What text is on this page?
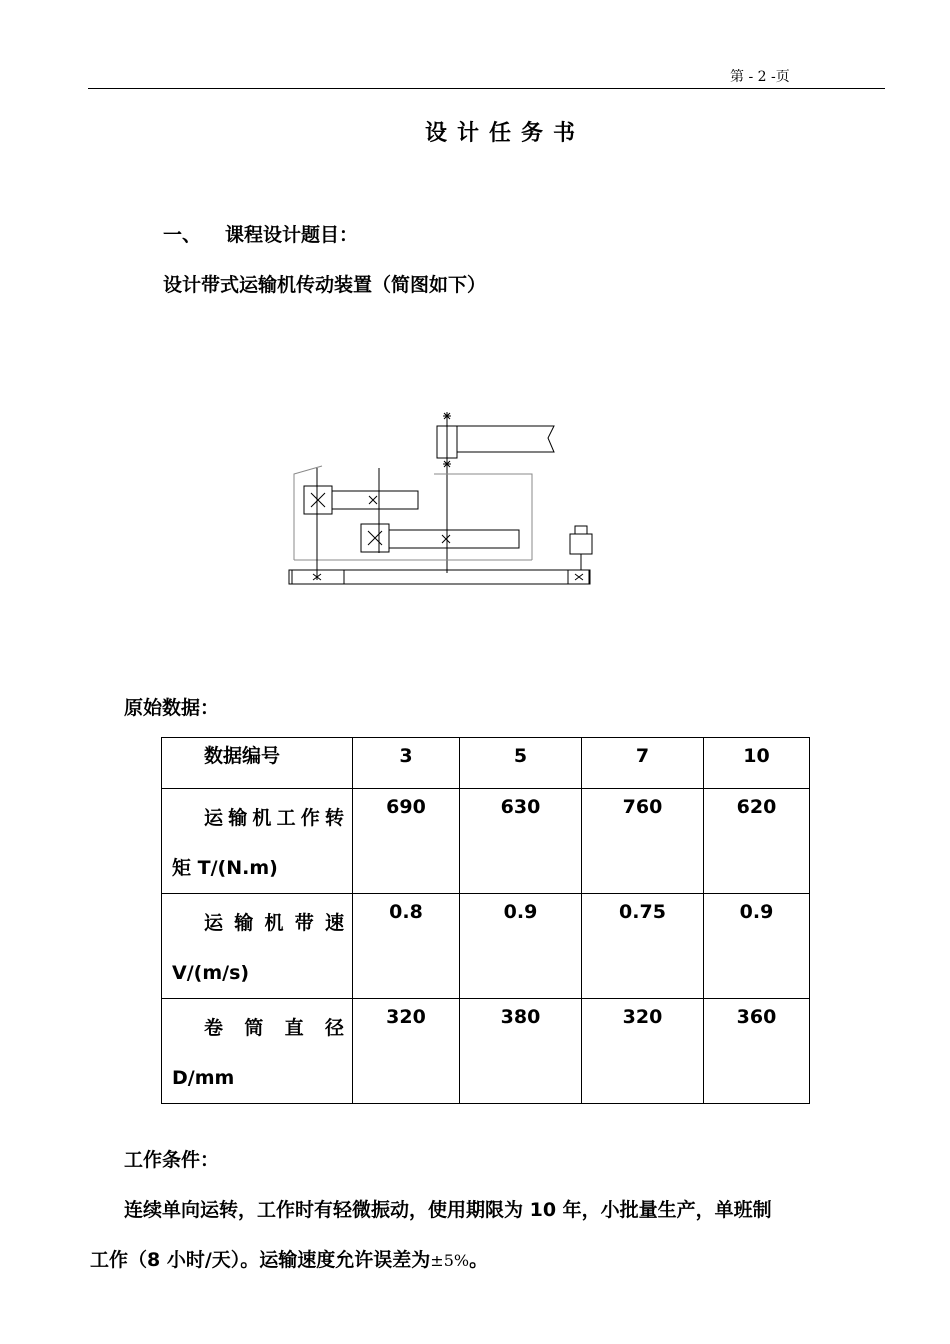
第 - 2 -页
设计任务书
一、 课程设计题目：
设计带式运输机传动装置（简图如下）
原始数据：
数据编号	3	5	7	10

运输机工作转
矩 T/(N.m)	690	630	760	620

运输机带速
V/(m/s)	0.8	0.9	0.75	0.9

卷筒直径
D/mm	320	380	320	360
工作条件：
连续单向运转，工作时有轻微振动，使用期限为 10 年，小批量生产，单班制
工作（8 小时/天）。运输速度允许误差为±5%。
